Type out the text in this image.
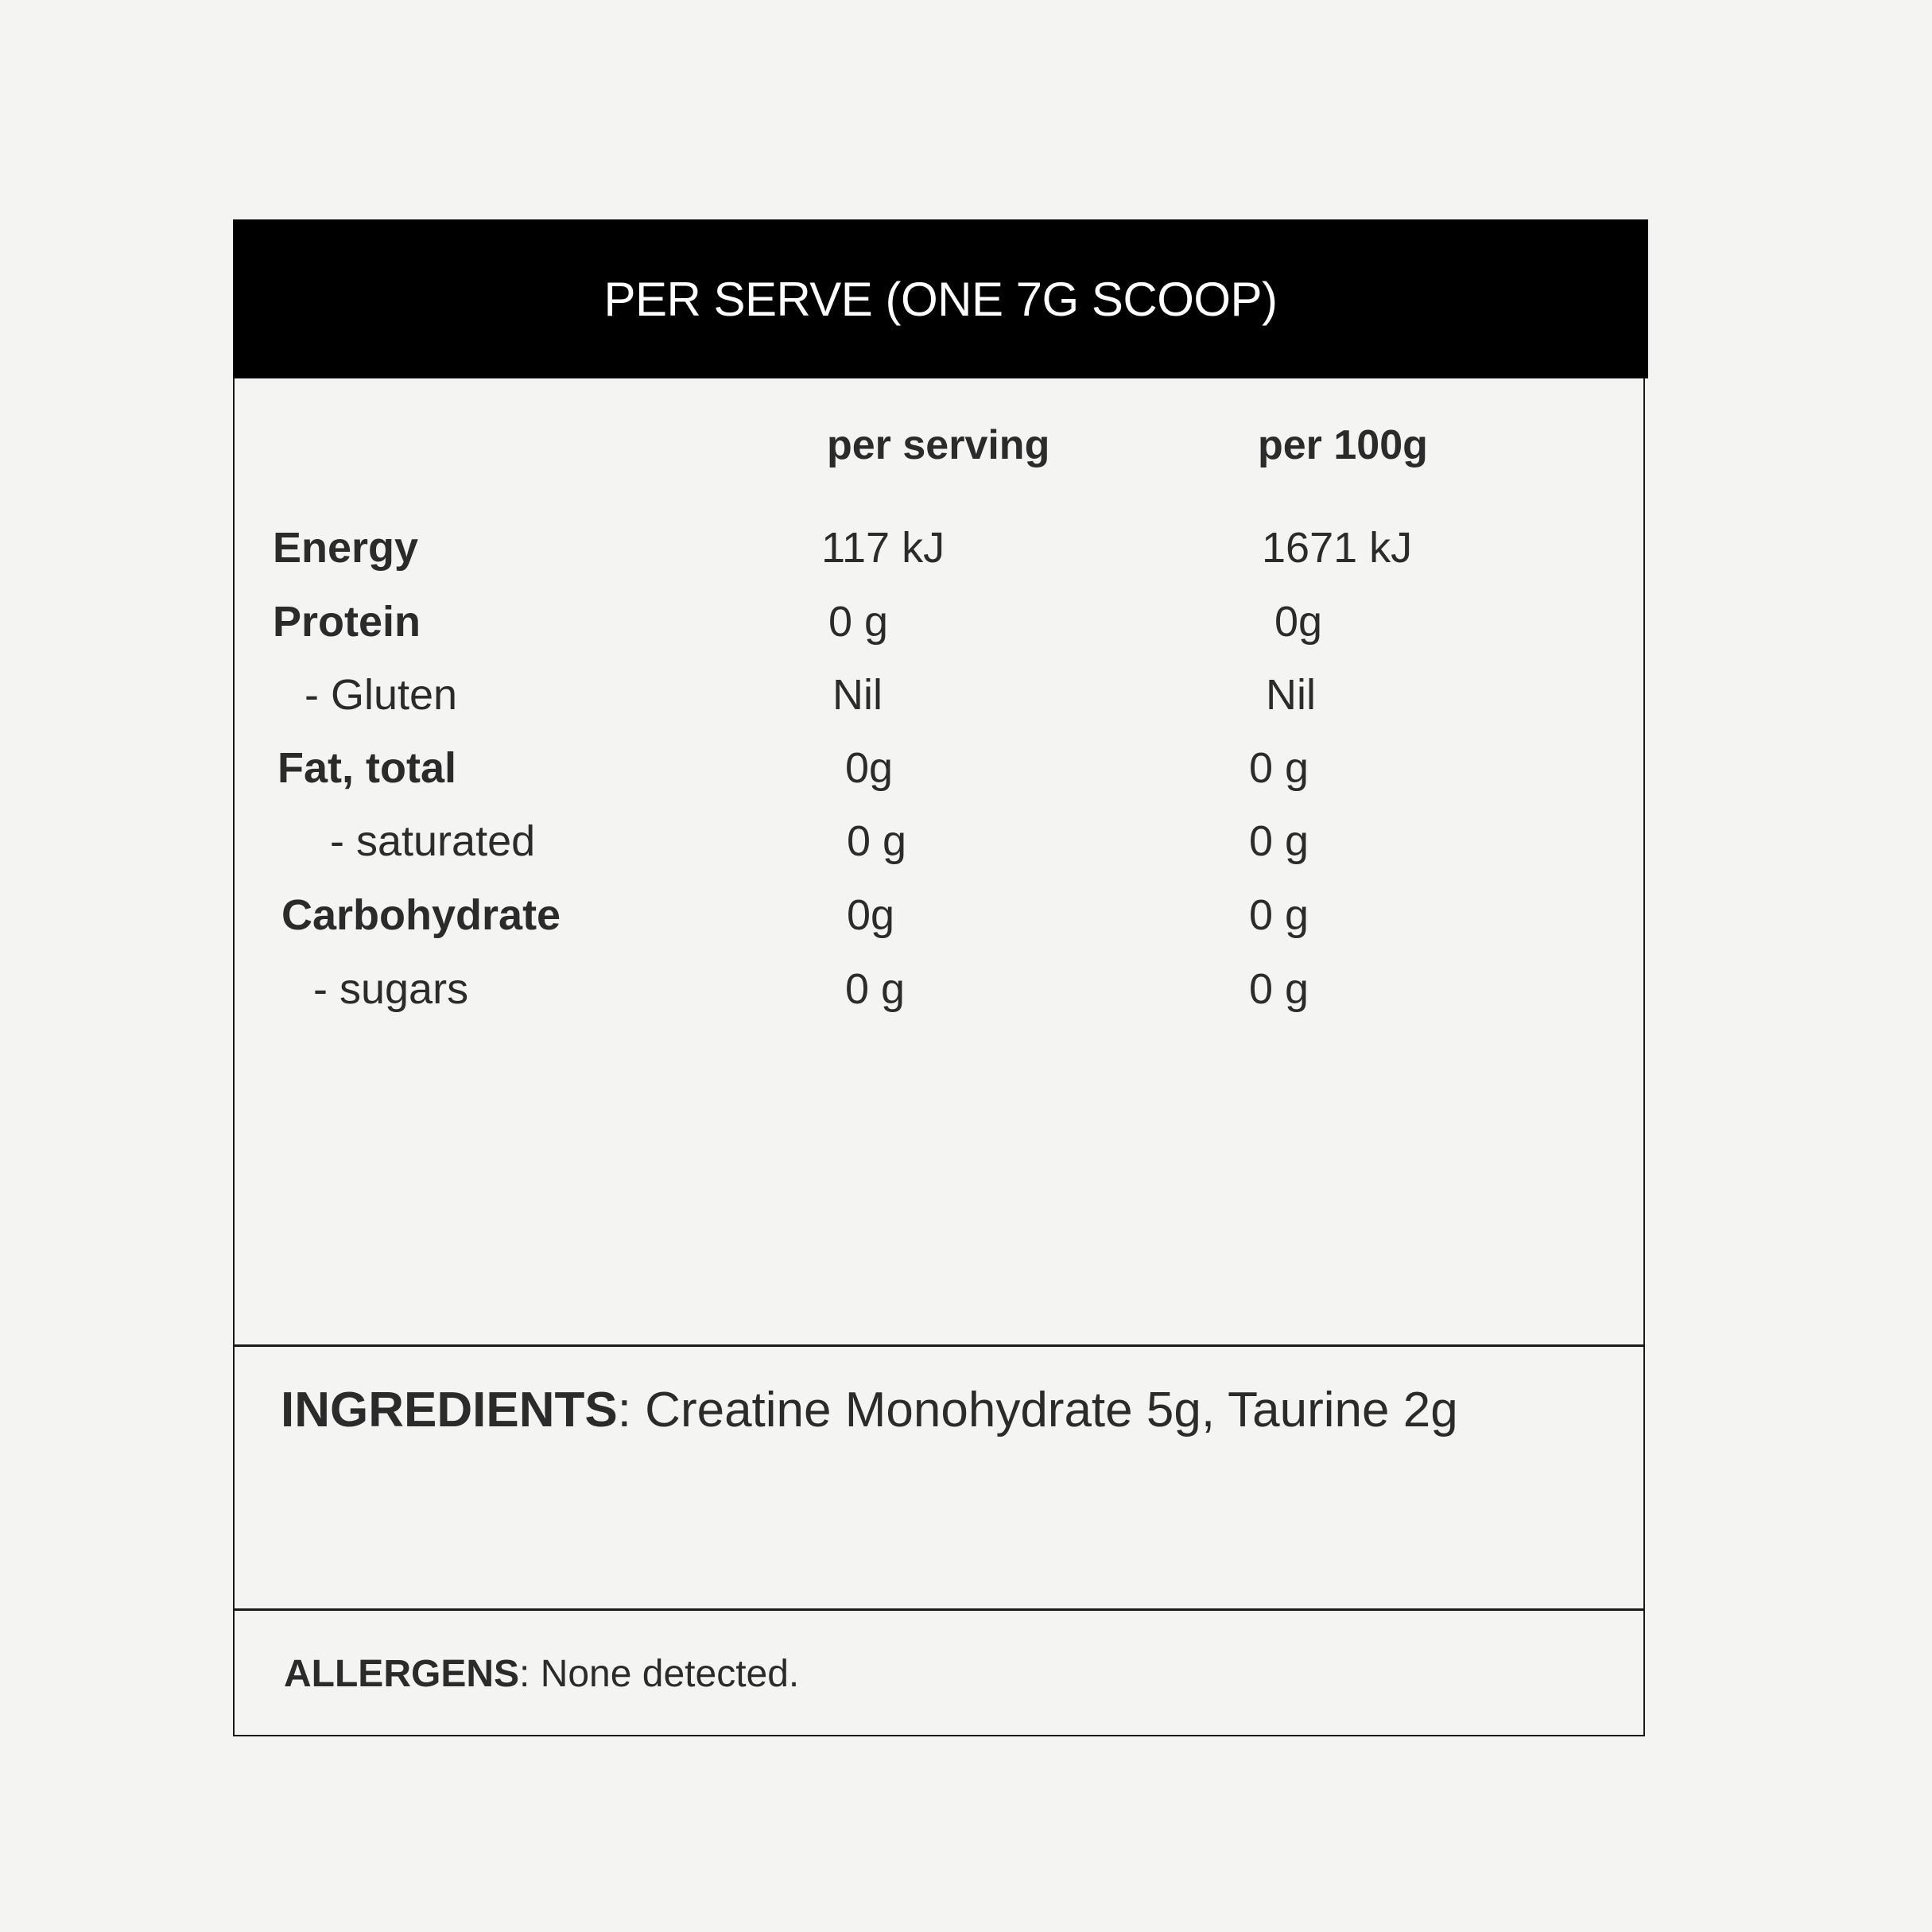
PER SERVE (ONE 7G SCOOP)
per serving	per 100g
Energy	117 kJ	1671 kJ
Protein	0 g	0g
- Gluten	Nil	Nil
Fat, total	0g	0 g
- saturated	0 g	0 g
Carbohydrate	0g	0 g
- sugars	0 g	0 g
INGREDIENTS: Creatine Monohydrate 5g, Taurine 2g
ALLERGENS: None detected.
